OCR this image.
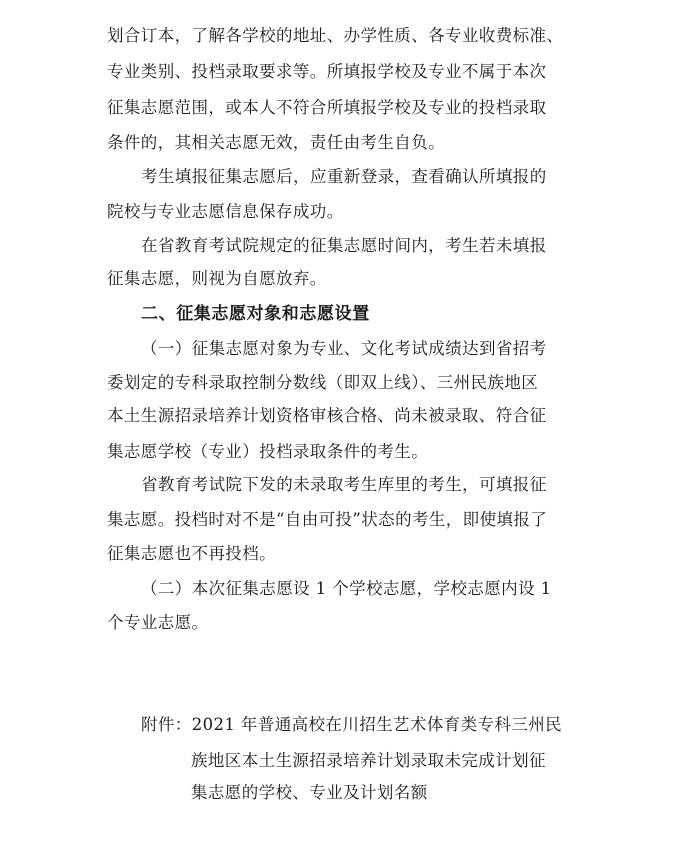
划合订本，了解各学校的地址、办学性质、各专业收费标准、
专业类别、投档录取要求等。所填报学校及专业不属于本次
征集志愿范围，或本人不符合所填报学校及专业的投档录取
条件的，其相关志愿无效，责任由考生自负。
考生填报征集志愿后，应重新登录，查看确认所填报的
院校与专业志愿信息保存成功。
在省教育考试院规定的征集志愿时间内，考生若未填报
征集志愿，则视为自愿放弃。
二、征集志愿对象和志愿设置
（一）征集志愿对象为专业、文化考试成绩达到省招考
委划定的专科录取控制分数线（即双上线）、三州民族地区
本土生源招录培养计划资格审核合格、尚未被录取、符合征
集志愿学校（专业）投档录取条件的考生。
省教育考试院下发的未录取考生库里的考生，可填报征
集志愿。投档时对不是“自由可投”状态的考生，即使填报了
征集志愿也不再投档。
（二）本次征集志愿设 1 个学校志愿，学校志愿内设 1
个专业志愿。
附件：2021 年普通高校在川招生艺术体育类专科三州民
族地区本土生源招录培养计划录取未完成计划征
集志愿的学校、专业及计划名额
